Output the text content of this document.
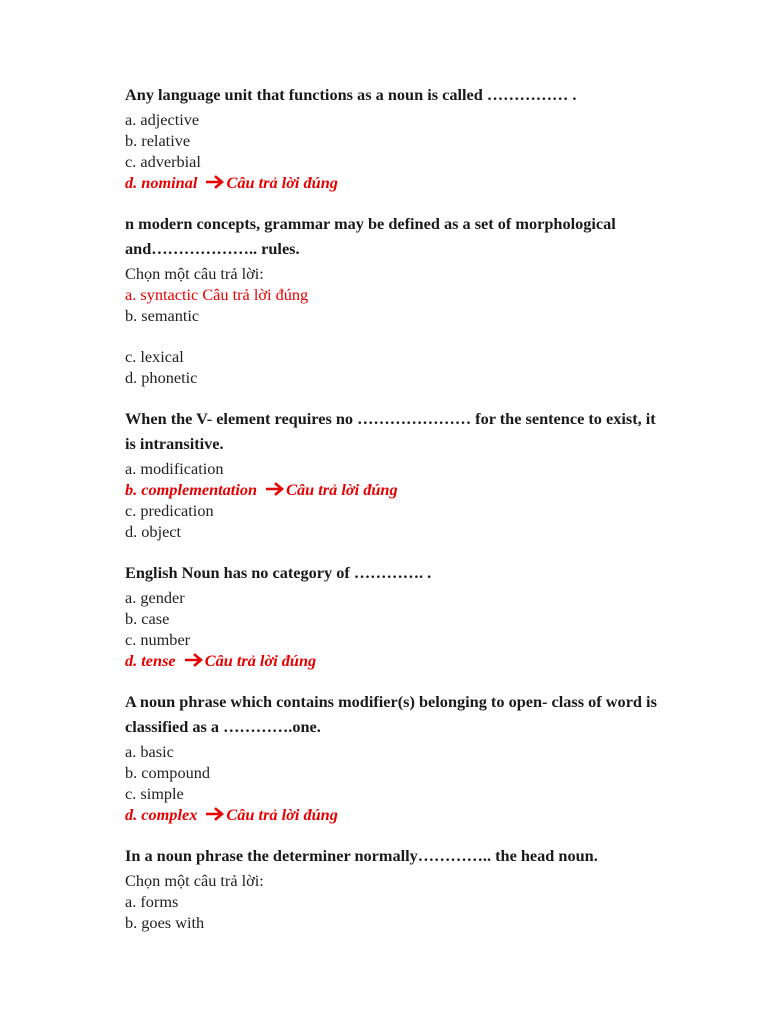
Any language unit that functions as a noun is called …………… .

a. adjective

b. relative

c. adverbial

d. nominal Câu trả lời đúng

n modern concepts, grammar may be defined as a set of morphological

and……………….. rules.

Chọn một câu trả lời:

a. syntactic Câu trả lời đúng

b. semantic

c. lexical

d. phonetic

When the V- element requires no ………………… for the sentence to exist, it

is intransitive.

a. modification

b. complementation Câu trả lời đúng

c. predication

d. object

English Noun has no category of …………. .

a. gender

b. case

c. number

d. tense Câu trả lời đúng

A noun phrase which contains modifier(s) belonging to open- class of word is

classified as a ………….one.

a. basic

b. compound

c. simple

d. complex Câu trả lời đúng

In a noun phrase the determiner normally………….. the head noun.

Chọn một câu trả lời:

a. forms

b. goes with
